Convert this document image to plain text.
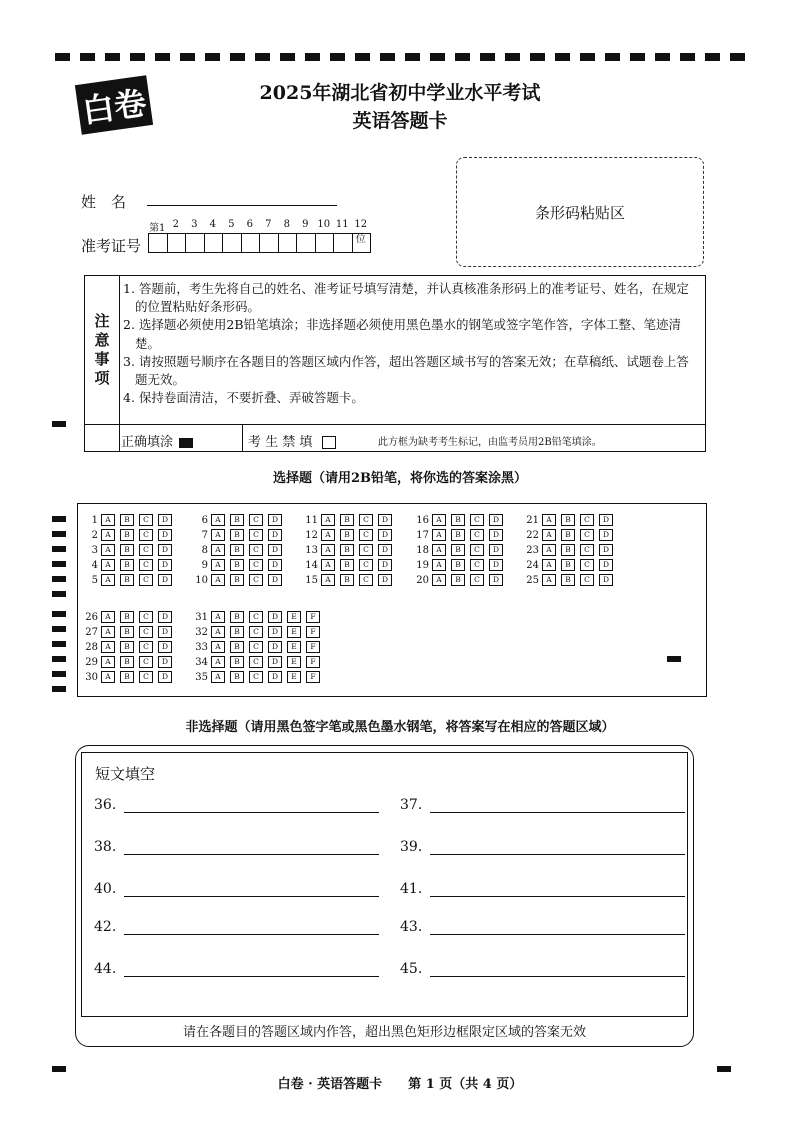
白卷	2025年湖北省初中学业水平考试
英语答题卡
条形码粘贴区
姓　名
第1 2	3	4	5	6	7	8	9 10 11 12位
准考证号
注
意
事
项
1. 答题前，考生先将自己的姓名、准考证号填写清楚，并认真核准条形码上的准考证号、姓名，在规定的位置粘贴好条形码。
2. 选择题必须使用2B铅笔填涂；非选择题必须使用黑色墨水的钢笔或签字笔作答，字体工整、笔迹清楚。
3. 请按照题号顺序在各题目的答题区域内作答，超出答题区域书写的答案无效；在草稿纸、试题卷上答题无效。
4. 保持卷面清洁，不要折叠、弄破答题卡。
正确填涂	考 生 禁 填	此方框为缺考考生标记，由监考员用2B铅笔填涂。
选择题（请用2B铅笔，将你选的答案涂黑）
1 A	B	C	D
2 A	B	C	D
3 A	B	C	D
4 A	B	C	D
5 A	B	C	D
6 A	B	C	D
7 A	B	C	D
8 A	B	C	D
9 A	B	C	D
10 A	B	C	D
11 A	B	C	D
12 A	B	C	D
13 A	B	C	D
14 A	B	C	D
15 A	B	C	D
16 A	B	C	D
17 A	B	C	D
18 A	B	C	D
19 A	B	C	D
20 A	B	C	D
21 A	B	C	D
22 A	B	C	D
23 A	B	C	D
24 A	B	C	D
25 A	B	C	D
26 A	B	C	D	31 A	B	C	D	E	F
27 A	B	C	D	32 A	B	C	D	E	F
28 A	B	C	D	33 A	B	C	D	E	F
29 A	B	C	D	34 A	B	C	D	E	F
30 A	B	C	D	35 A	B	C	D	E	F
非选择题（请用黑色签字笔或黑色墨水钢笔，将答案写在相应的答题区域）
短文填空
36.	37.
38.	39.
40.	41.
42.	43.
44.	45.
请在各题目的答题区域内作答，超出黑色矩形边框限定区域的答案无效
白卷 · 英语答题卡　　第 1 页（共 4 页）
